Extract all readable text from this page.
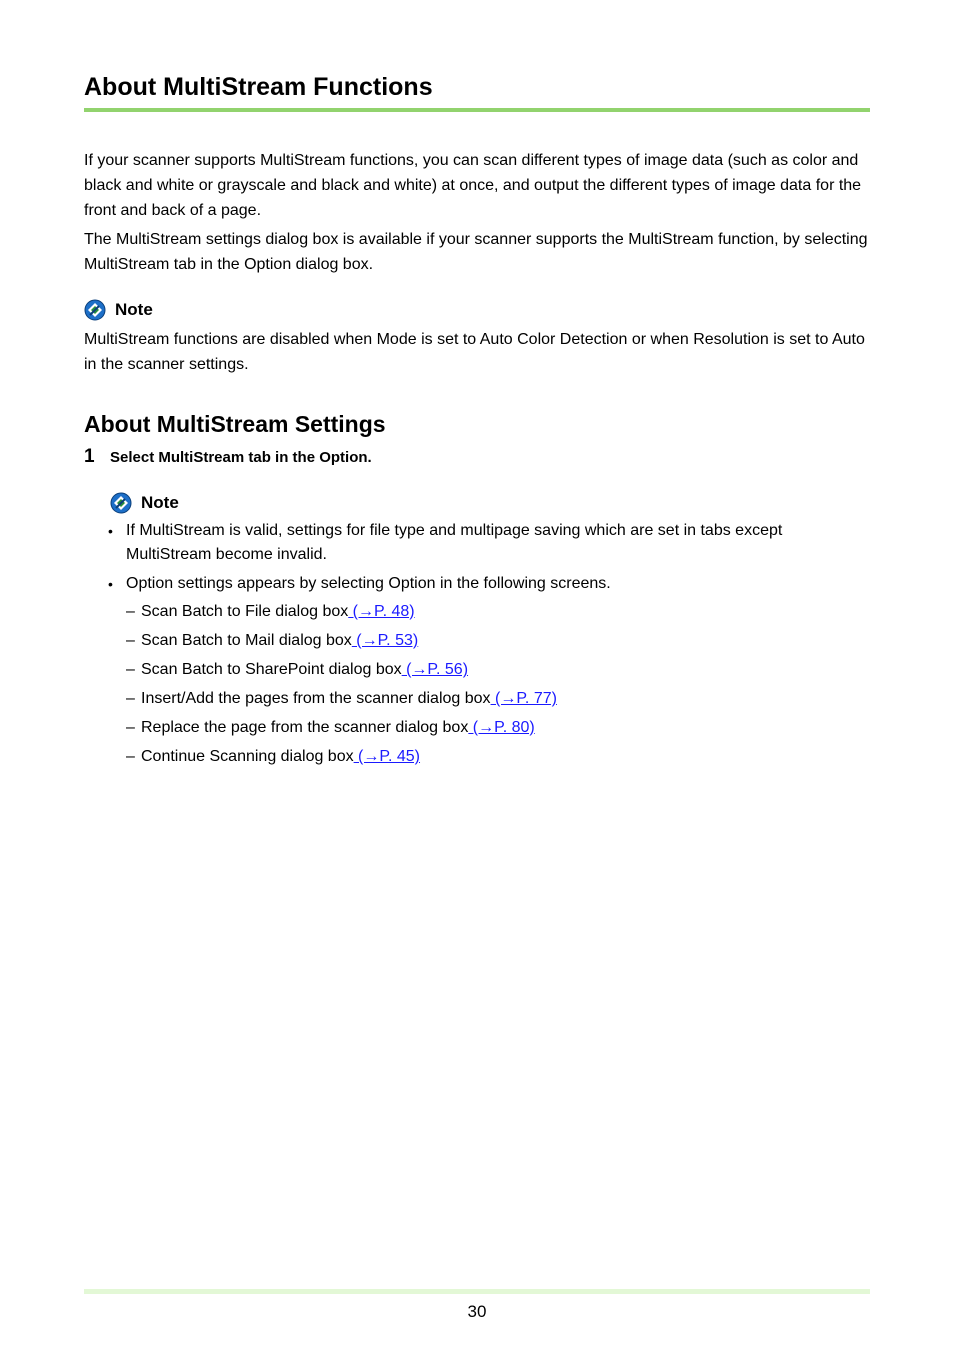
About MultiStream Functions

If your scanner supports MultiStream functions, you can scan different types of image data (such as color and black and white or grayscale and black and white) at once, and output the different types of image data for the front and back of a page.

The MultiStream settings dialog box is available if your scanner supports the MultiStream function, by selecting MultiStream tab in the Option dialog box.

Note

MultiStream functions are disabled when Mode is set to Auto Color Detection or when Resolution is set to Auto in the scanner settings.

About MultiStream Settings
1	Select MultiStream tab in the Option.
Note
• If MultiStream is valid, settings for file type and multipage saving which are set in tabs except MultiStream become invalid.
• Option settings appears by selecting Option in the following screens.
– Scan Batch to File dialog box (→P. 48)
– Scan Batch to Mail dialog box (→P. 53)
– Scan Batch to SharePoint dialog box (→P. 56)
– Insert/Add the pages from the scanner dialog box (→P. 77)
– Replace the page from the scanner dialog box (→P. 80)
– Continue Scanning dialog box (→P. 45)
30
